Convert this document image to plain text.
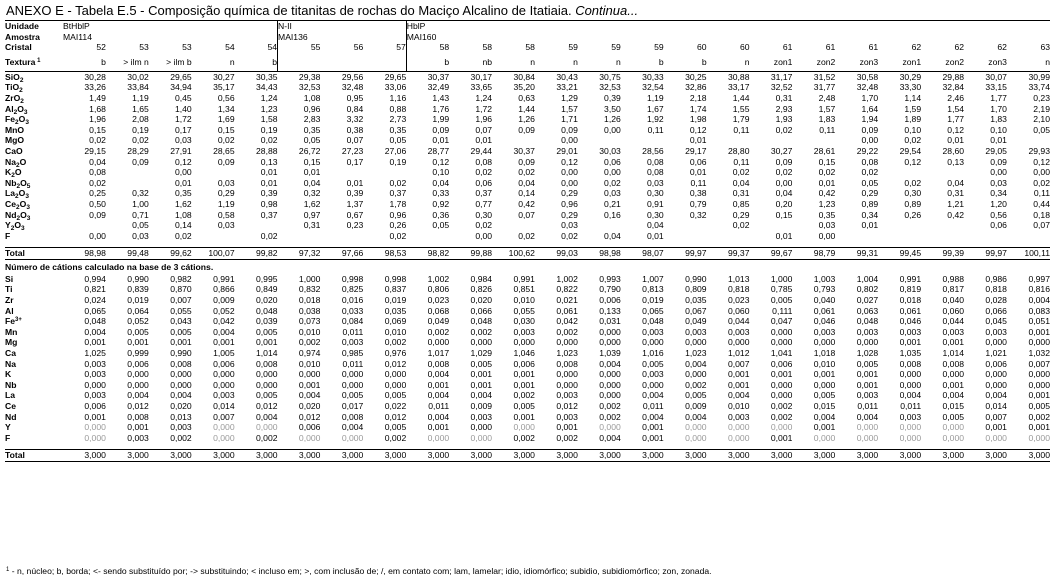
ANEXO E - Tabela E.5 - Composição química de titanitas de rochas do Maciço Alcalino de Itatiaia. Continua...
Unidade	BtHblP					N-II			HblP														
Amostra	MAI114					MAI136			MAI160														
Cristal	52	53	53	54	54	55	56	57	58	58	58	59	59	59	60	60	61	61	61	62	62	62	63
Textura $^1$	b	> ilm n	> ilm b	n	b				b	nb	n	n	n	b	b	n	zon1	zon2	zon3	zon1	zon2	zon3	n
SiO$_2$	30,28	30,02	29,65	30,27	30,35	29,38	29,56	29,65	30,37	30,17	30,84	30,43	30,75	30,33	30,25	30,88	31,17	31,52	30,58	30,29	29,88	30,07	30,99
TiO$_2$	33,26	33,84	34,94	35,17	34,43	32,53	32,48	33,06	32,49	33,65	35,20	33,21	32,53	32,54	32,86	33,17	32,52	31,77	32,48	33,30	32,84	33,15	33,74
ZrO$_2$	1,49	1,19	0,45	0,56	1,24	1,08	0,95	1,16	1,43	1,24	0,63	1,29	0,39	1,19	2,18	1,44	0,31	2,48	1,70	1,14	2,46	1,77	0,23
$Al_2O_3$	1,68	1,65	1,40	1,34	1,23	0,96	0,84	0,88	1,76	1,72	1,44	1,57	3,50	1,67	1,74	1,55	2,93	1,57	1,64	1,59	1,54	1,70	2,19
$Fe_2O_3$	1,96	2,08	1,72	1,69	1,58	2,83	3,32	2,73	1,99	1,96	1,26	1,71	1,26	1,92	1,98	1,79	1,93	1,83	1,94	1,89	1,77	1,83	2,10
MnO	0,15	0,19	0,17	0,15	0,19	0,35	0,38	0,35	0,09	0,07	0,09	0,09	0,00	0,11	0,12	0,11	0,02	0,11	0,09	0,10	0,12	0,10	0,05
MgO	0,02	0,02	0,03	0,02	0,02	0,05	0,07	0,05	0,01	0,01		0,00			0,01				0,00	0,02	0,01	0,01	
CaO	29,15	28,29	27,91	28,65	28,88	26,72	27,23	27,06	28,77	29,44	30,37	29,01	30,03	28,56	29,17	28,80	30,27	28,61	29,22	29,54	28,60	29,05	29,93
$Na_2O$	0,04	0,09	0,12	0,09	0,13	0,15	0,17	0,19	0,12	0,08	0,09	0,12	0,06	0,08	0,06	0,11	0,09	0,15	0,08	0,12	0,13	0,09	0,12
$K_2O$	0,08		0,00		0,01	0,01			0,10	0,02	0,02	0,00	0,00	0,08	0,01	0,02	0,02	0,02	0,02			0,00	0,00
$Nb_2O_5$	0,02		0,01	0,03	0,01	0,04	0,01	0,02	0,04	0,06	0,04	0,00	0,02	0,03	0,11	0,04	0,00	0,01	0,05	0,02	0,04	0,03	0,02
$La_2O_3$	0,25	0,32	0,35	0,29	0,39	0,32	0,39	0,37	0,33	0,37	0,14	0,29	0,03	0,30	0,38	0,31	0,04	0,42	0,29	0,30	0,31	0,34	0,11
$Ce_2O_3$	0,50	1,00	1,62	1,19	0,98	1,62	1,37	1,78	0,92	0,77	0,42	0,96	0,21	0,91	0,79	0,85	0,20	1,23	0,89	0,89	1,21	1,20	0,44
$Nd_2O_3$	0,09	0,71	1,08	0,58	0,37	0,97	0,67	0,96	0,36	0,30	0,07	0,29	0,16	0,30	0,32	0,29	0,15	0,35	0,34	0,26	0,42	0,56	0,18
$Y_2O_3$		0,05	0,14	0,03		0,31	0,23	0,26	0,05	0,02		0,03		0,04		0,02		0,03	0,01			0,06	0,07
F	0,00	0,03	0,02		0,02			0,02		0,00	0,02	0,02	0,04	0,01			0,01	0,00					

Total	98,98	99,48	99,62	100,07	99,82	97,32	97,66	98,53	98,82	99,88	100,62	99,03	98,98	98,07	99,97	99,37	99,67	98,79	99,31	99,45	99,39	99,97	100,11
Número de cátions calculado na base de 3 cátions.																							
Si	0,994	0,990	0,982	0,991	0,995	1,000	0,998	0,998	1,002	0,984	0,991	1,002	0,993	1,007	0,990	1,013	1,000	1,003	1,004	0,991	0,988	0,986	0,997
Ti	0,821	0,839	0,870	0,866	0,849	0,832	0,825	0,837	0,806	0,826	0,851	0,822	0,790	0,813	0,809	0,818	0,785	0,793	0,802	0,819	0,817	0,818	0,816
Zr	0,024	0,019	0,007	0,009	0,020	0,018	0,016	0,019	0,023	0,020	0,010	0,021	0,006	0,019	0,035	0,023	0,005	0,040	0,027	0,018	0,040	0,028	0,004
Al	0,065	0,064	0,055	0,052	0,048	0,038	0,033	0,035	0,068	0,066	0,055	0,061	0,133	0,065	0,067	0,060	0,111	0,061	0,063	0,061	0,060	0,066	0,083
$Fe^{3+}$	0,048	0,052	0,043	0,042	0,039	0,073	0,084	0,069	0,049	0,048	0,030	0,042	0,031	0,048	0,049	0,044	0,047	0,046	0,048	0,046	0,044	0,045	0,051
Mn	0,004	0,005	0,005	0,004	0,005	0,010	0,011	0,010	0,002	0,002	0,003	0,002	0,000	0,003	0,003	0,003	0,000	0,003	0,003	0,003	0,003	0,003	0,001
Mg	0,001	0,001	0,001	0,001	0,001	0,002	0,003	0,002	0,000	0,000	0,000	0,000	0,000	0,000	0,000	0,000	0,000	0,000	0,000	0,001	0,001	0,000	0,000
Ca	1,025	0,999	0,990	1,005	1,014	0,974	0,985	0,976	1,017	1,029	1,046	1,023	1,039	1,016	1,023	1,012	1,041	1,018	1,028	1,035	1,014	1,021	1,032
Na	0,003	0,006	0,008	0,006	0,008	0,010	0,011	0,012	0,008	0,005	0,006	0,008	0,004	0,005	0,004	0,007	0,006	0,010	0,005	0,008	0,008	0,006	0,007
K	0,003	0,000	0,000	0,000	0,000	0,000	0,000	0,000	0,004	0,001	0,001	0,000	0,000	0,003	0,000	0,001	0,001	0,001	0,001	0,000	0,000	0,000	0,000
Nb	0,000	0,000	0,000	0,000	0,000	0,001	0,000	0,000	0,001	0,001	0,001	0,000	0,000	0,000	0,002	0,001	0,000	0,000	0,001	0,000	0,001	0,000	0,000
La	0,003	0,004	0,004	0,003	0,005	0,004	0,005	0,005	0,004	0,004	0,002	0,003	0,000	0,004	0,005	0,004	0,000	0,005	0,003	0,004	0,004	0,004	0,001
Ce	0,006	0,012	0,020	0,014	0,012	0,020	0,017	0,022	0,011	0,009	0,005	0,012	0,002	0,011	0,009	0,010	0,002	0,015	0,011	0,011	0,015	0,014	0,005
Nd	0,001	0,008	0,013	0,007	0,004	0,012	0,008	0,012	0,004	0,003	0,001	0,003	0,002	0,004	0,004	0,003	0,002	0,004	0,004	0,003	0,005	0,007	0,002
Y	0,000	0,001	0,003	0,000	0,000	0,006	0,004	0,005	0,001	0,000	0,000	0,001	0,000	0,001	0,000	0,000	0,000	0,001	0,000	0,000	0,000	0,001	0,001
F	0,000	0,003	0,002	0,000	0,002	0,000	0,000	0,002	0,000	0,000	0,002	0,002	0,004	0,001	0,000	0,000	0,001	0,000	0,000	0,000	0,000	0,000	0,000

Total	3,000	3,000	3,000	3,000	3,000	3,000	3,000	3,000	3,000	3,000	3,000	3,000	3,000	3,000	3,000	3,000	3,000	3,000	3,000	3,000	3,000	3,000	3,000
$^1$ - n, núcleo; b, borda; <- sendo substituído por; -> substituindo; < incluso em; >, com inclusão de; /, em contato com; lam, lamelar; idio, idiomórfico; subidio, subidiomórfico; zon, zonada.
